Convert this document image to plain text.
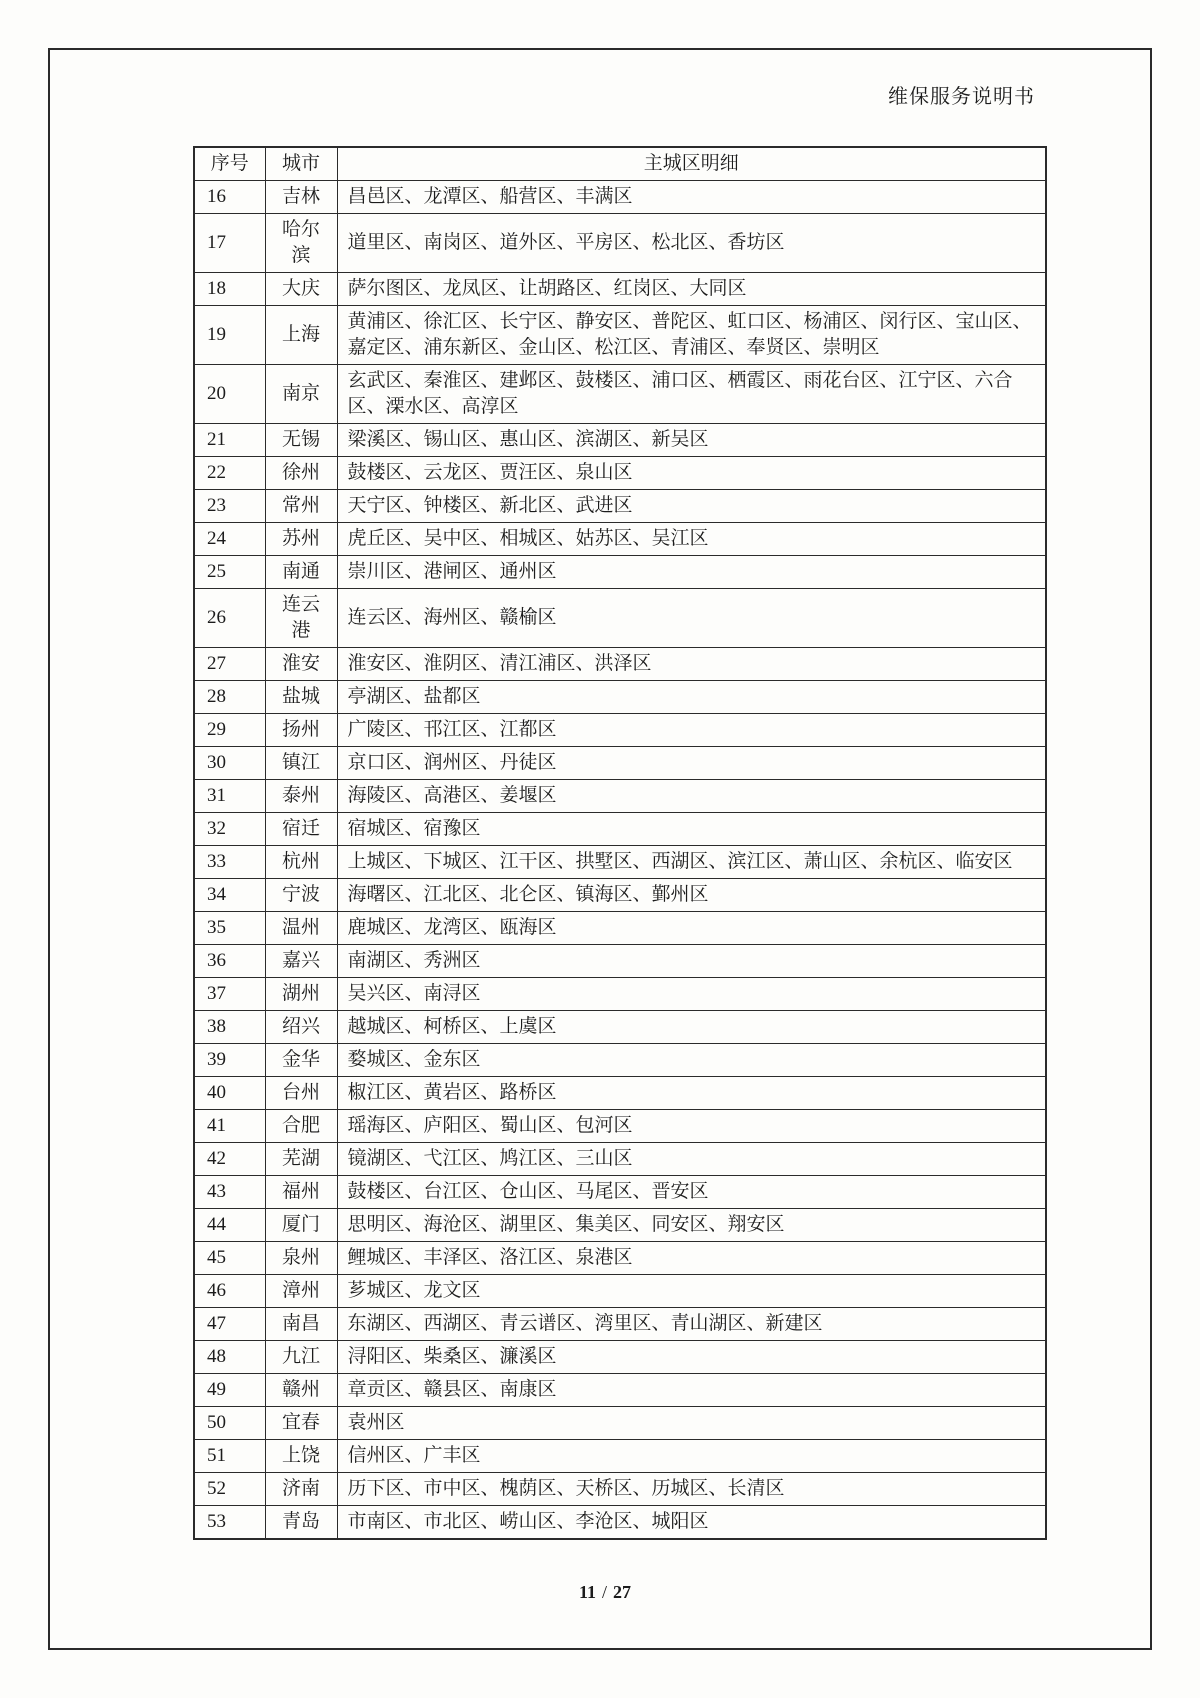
维保服务说明书
序号	城市	主城区明细
16	吉林	昌邑区、龙潭区、船营区、丰满区
17	哈尔滨	道里区、南岗区、道外区、平房区、松北区、香坊区
18	大庆	萨尔图区、龙凤区、让胡路区、红岗区、大同区
19	上海	黄浦区、徐汇区、长宁区、静安区、普陀区、虹口区、杨浦区、闵行区、宝山区、嘉定区、浦东新区、金山区、松江区、青浦区、奉贤区、崇明区
20	南京	玄武区、秦淮区、建邺区、鼓楼区、浦口区、栖霞区、雨花台区、江宁区、六合区、溧水区、高淳区
21	无锡	梁溪区、锡山区、惠山区、滨湖区、新吴区
22	徐州	鼓楼区、云龙区、贾汪区、泉山区
23	常州	天宁区、钟楼区、新北区、武进区
24	苏州	虎丘区、吴中区、相城区、姑苏区、吴江区
25	南通	崇川区、港闸区、通州区
26	连云港	连云区、海州区、赣榆区
27	淮安	淮安区、淮阴区、清江浦区、洪泽区
28	盐城	亭湖区、盐都区
29	扬州	广陵区、邗江区、江都区
30	镇江	京口区、润州区、丹徒区
31	泰州	海陵区、高港区、姜堰区
32	宿迁	宿城区、宿豫区
33	杭州	上城区、下城区、江干区、拱墅区、西湖区、滨江区、萧山区、余杭区、临安区
34	宁波	海曙区、江北区、北仑区、镇海区、鄞州区
35	温州	鹿城区、龙湾区、瓯海区
36	嘉兴	南湖区、秀洲区
37	湖州	吴兴区、南浔区
38	绍兴	越城区、柯桥区、上虞区
39	金华	婺城区、金东区
40	台州	椒江区、黄岩区、路桥区
41	合肥	瑶海区、庐阳区、蜀山区、包河区
42	芜湖	镜湖区、弋江区、鸠江区、三山区
43	福州	鼓楼区、台江区、仓山区、马尾区、晋安区
44	厦门	思明区、海沧区、湖里区、集美区、同安区、翔安区
45	泉州	鲤城区、丰泽区、洛江区、泉港区
46	漳州	芗城区、龙文区
47	南昌	东湖区、西湖区、青云谱区、湾里区、青山湖区、新建区
48	九江	浔阳区、柴桑区、濂溪区
49	赣州	章贡区、赣县区、南康区
50	宜春	袁州区
51	上饶	信州区、广丰区
52	济南	历下区、市中区、槐荫区、天桥区、历城区、长清区
53	青岛	市南区、市北区、崂山区、李沧区、城阳区
11 / 27
